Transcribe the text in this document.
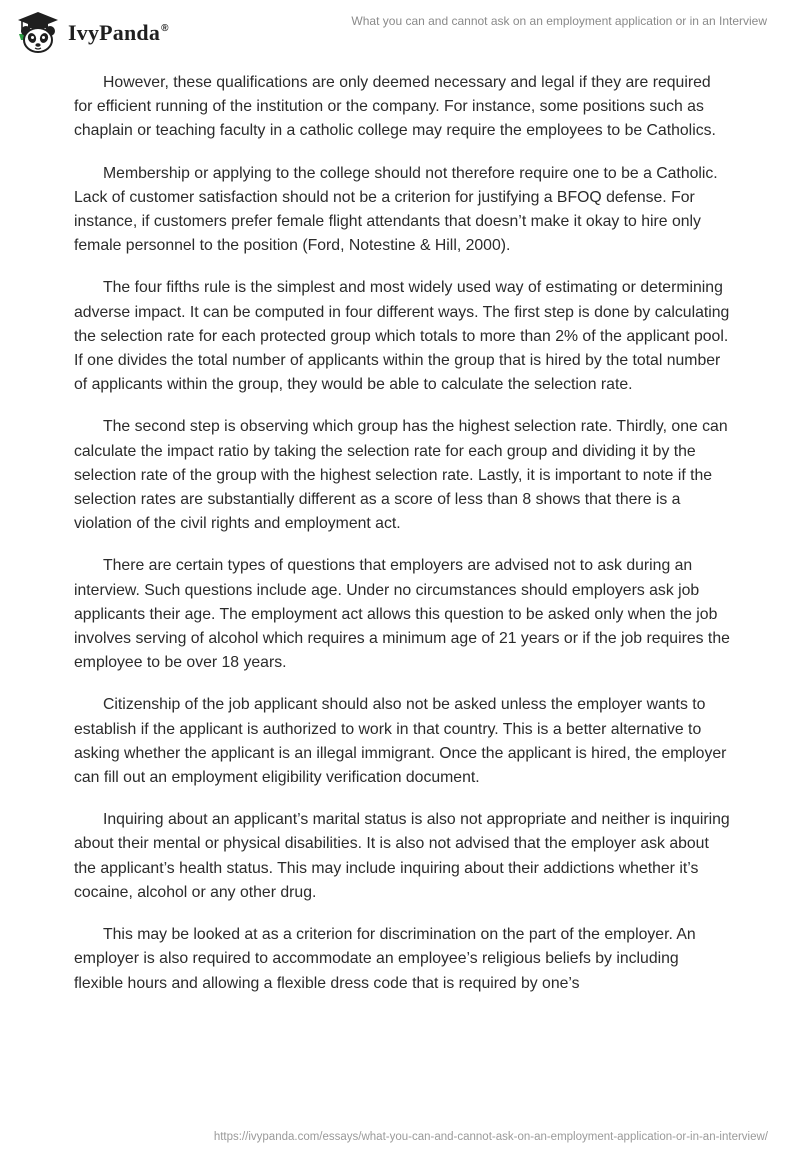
IvyPanda®
What you can and cannot ask on an employment application or in an Interview

However, these qualifications are only deemed necessary and legal if they are required for efficient running of the institution or the company. For instance, some positions such as chaplain or teaching faculty in a catholic college may require the employees to be Catholics.

Membership or applying to the college should not therefore require one to be a Catholic. Lack of customer satisfaction should not be a criterion for justifying a BFOQ defense. For instance, if customers prefer female flight attendants that doesn’t make it okay to hire only female personnel to the position (Ford, Notestine & Hill, 2000).

The four fifths rule is the simplest and most widely used way of estimating or determining adverse impact. It can be computed in four different ways. The first step is done by calculating the selection rate for each protected group which totals to more than 2% of the applicant pool. If one divides the total number of applicants within the group that is hired by the total number of applicants within the group, they would be able to calculate the selection rate.

The second step is observing which group has the highest selection rate. Thirdly, one can calculate the impact ratio by taking the selection rate for each group and dividing it by the selection rate of the group with the highest selection rate. Lastly, it is important to note if the selection rates are substantially different as a score of less than 8 shows that there is a violation of the civil rights and employment act.

There are certain types of questions that employers are advised not to ask during an interview. Such questions include age. Under no circumstances should employers ask job applicants their age. The employment act allows this question to be asked only when the job involves serving of alcohol which requires a minimum age of 21 years or if the job requires the employee to be over 18 years.

Citizenship of the job applicant should also not be asked unless the employer wants to establish if the applicant is authorized to work in that country. This is a better alternative to asking whether the applicant is an illegal immigrant. Once the applicant is hired, the employer can fill out an employment eligibility verification document.

Inquiring about an applicant’s marital status is also not appropriate and neither is inquiring about their mental or physical disabilities. It is also not advised that the employer ask about the applicant’s health status. This may include inquiring about their addictions whether it’s cocaine, alcohol or any other drug.

This may be looked at as a criterion for discrimination on the part of the employer. An employer is also required to accommodate an employee’s religious beliefs by including flexible hours and allowing a flexible dress code that is required by one’s

https://ivypanda.com/essays/what-you-can-and-cannot-ask-on-an-employment-application-or-in-an-interview/
